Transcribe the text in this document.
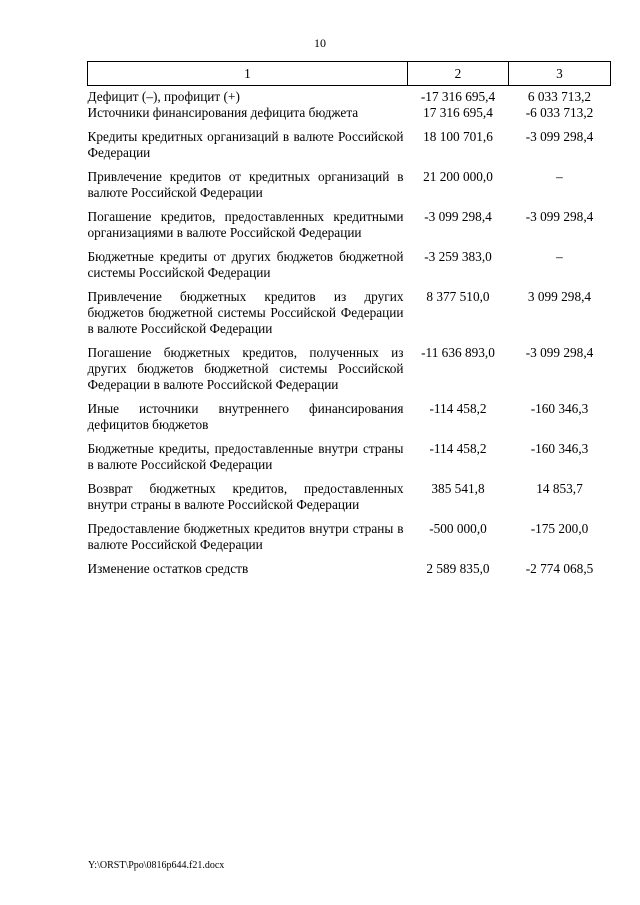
10
1	2	3
Дефицит (–), профицит (+)	-17 316 695,4	6 033 713,2
Источники финансирования дефицита бюджета	17 316 695,4	-6 033 713,2
Кредиты кредитных организаций в валюте Российской Федерации	18 100 701,6	-3 099 298,4
Привлечение кредитов от кредитных организаций в валюте Российской Федерации	21 200 000,0	–
Погашение кредитов, предоставленных кредитными организациями в валюте Российской Федерации	-3 099 298,4	-3 099 298,4
Бюджетные кредиты от других бюджетов бюджетной системы Российской Федерации	-3 259 383,0	–
Привлечение бюджетных кредитов из других бюджетов бюджетной системы Российской Федерации в валюте Российской Федерации	8 377 510,0	3 099 298,4
Погашение бюджетных кредитов, полученных из других бюджетов бюджетной системы Российской Федерации в валюте Российской Федерации	-11 636 893,0	-3 099 298,4
Иные источники внутреннего финансирования дефицитов бюджетов	-114 458,2	-160 346,3
Бюджетные кредиты, предоставленные внутри страны в валюте Российской Федерации	-114 458,2	-160 346,3
Возврат бюджетных кредитов, предоставленных внутри страны в валюте Российской Федерации	385 541,8	14 853,7
Предоставление бюджетных кредитов внутри страны в валюте Российской Федерации	-500 000,0	-175 200,0
Изменение остатков средств	2 589 835,0	-2 774 068,5
Y:\ORST\Ppo\0816p644.f21.docx
